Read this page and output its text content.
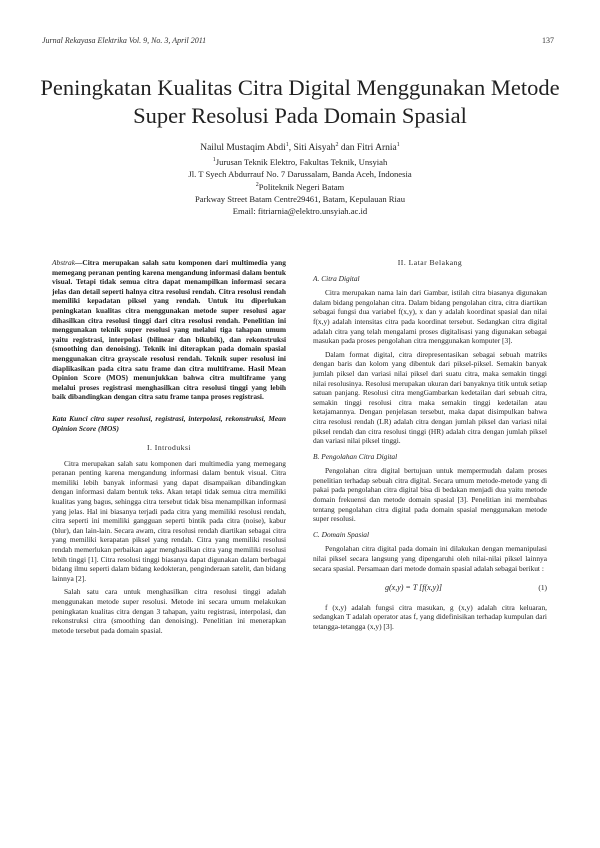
Jurnal Rekayasa Elektrika Vol. 9, No. 3, April 2011	137
Peningkatan Kualitas Citra Digital Menggunakan Metode Super Resolusi Pada Domain Spasial
Nailul Mustaqim Abdi$^1$, Siti Aisyah$^2$ dan Fitri Arnia$^1$
$^1$Jurusan Teknik Elektro, Fakultas Teknik, Unsyiah
Jl. T Syech Abdurrauf No. 7 Darussalam, Banda Aceh, Indonesia
$^2$Politeknik Negeri Batam
Parkway Street Batam Centre29461, Batam, Kepulauan Riau
Email: fitriarnia@elektro.unsyiah.ac.id
Abstrak—Citra merupakan salah satu komponen dari multimedia yang memegang peranan penting karena mengandung informasi dalam bentuk visual. Tetapi tidak semua citra dapat menampilkan informasi secara jelas dan detail seperti halnya citra resolusi rendah. Citra resolusi rendah memiliki kepadatan piksel yang rendah. Untuk itu diperlukan peningkatan kualitas citra menggunakan metode super resolusi agar dihasilkan citra resolusi tinggi dari citra resolusi rendah. Penelitian ini menggunakan teknik super resolusi yang melalui tiga tahapan umum yaitu registrasi, interpolasi (bilinear dan bikubik), dan rekonstruksi (smoothing dan denoising). Teknik ini diterapkan pada domain spasial menggunakan citra grayscale resolusi rendah. Teknik super resolusi ini diaplikasikan pada citra satu frame dan citra multiframe. Hasil Mean Opinion Score (MOS) menunjukkan bahwa citra multiframe yang melalui proses registrasi menghasilkan citra resolusi tinggi yang lebih baik dibandingkan dengan citra satu frame tanpa proses registrasi.
Kata Kunci citra super resolusi, registrasi, interpolasi, rekonstruksi, Mean Opinion Score (MOS)
I. Introduksi

Citra merupakan salah satu komponen dari multimedia yang memegang peranan penting karena mengandung informasi dalam bentuk visual. Citra memiliki lebih banyak informasi yang dapat disampaikan dibandingkan dengan informasi dalam bentuk teks. Akan tetapi tidak semua citra memiliki kualitas yang bagus, sehingga citra tersebut tidak bisa menampilkan informasi yang jelas. Hal ini biasanya terjadi pada citra yang memiliki resolusi rendah, citra seperti ini memiliki gangguan seperti bintik pada citra (noise), kabur (blur), dan lain-lain. Secara awam, citra resolusi rendah diartikan sebagai citra yang memiliki kerapatan piksel yang rendah. Citra yang memiliki resolusi rendah memerlukan perbaikan agar menghasilkan citra yang memiliki resolusi lebih tinggi [1]. Citra resolusi tinggi biasanya dapat digunakan dalam berbagai bidang ilmu seperti dalam bidang kedokteran, penginderaan satelit, dan bidang lainnya [2].

Salah satu cara untuk menghasilkan citra resolusi tinggi adalah menggunakan metode super resolusi. Metode ini secara umum melakukan peningkatan kualitas citra dengan 3 tahapan, yaitu registrasi, interpolasi, dan rekonstruksi citra (smoothing dan denoising). Penelitian ini menerapkan metode tersebut pada domain spasial.

II. Latar Belakang
A. Citra Digital

Citra merupakan nama lain dari Gambar, istilah citra biasanya digunakan dalam bidang pengolahan citra. Dalam bidang pengolahan citra, citra diartikan sebagai fungsi dua variabel f(x,y), x dan y adalah koordinat spasial dan nilai f(x,y) adalah intensitas citra pada koordinat tersebut. Sedangkan citra digital adalah citra yang telah mengalami proses digitalisasi yang digunakan sebagai masukan pada proses pengolahan citra menggunakan komputer [3].

Dalam format digital, citra direpresentasikan sebagai sebuah matriks dengan baris dan kolom yang dibentuk dari piksel-piksel. Semakin banyak jumlah piksel dan variasi nilai piksel dari suatu citra, maka semakin tinggi nilai resolusinya. Resolusi merupakan ukuran dari banyaknya titik untuk setiap satuan panjang. Resolusi citra mengGambarkan kedetailan dari sebuah citra, semakin tinggi resolusi citra maka semakin tinggi kedetailan atau ketajamannya. Dengan penjelasan tersebut, maka dapat disimpulkan bahwa citra resolusi rendah (LR) adalah citra dengan jumlah piksel dan variasi nilai piksel rendah dan citra resolusi tinggi (HR) adalah citra dengan jumlah piksel dan variasi nilai piksel tinggi.

B. Pengolahan Citra Digital

Pengolahan citra digital bertujuan untuk mempermudah dalam proses penelitian terhadap sebuah citra digital. Secara umum metode-metode yang di pakai pada pengolahan citra digital bisa di bedakan menjadi dua yaitu metode domain frekuensi dan metode domain spasial [3]. Penelitian ini membahas tentang pengolahan citra digital pada domain spasial menggunakan metode super resolusi.

C. Domain Spasial

Pengolahan citra digital pada domain ini dilakukan dengan memanipulasi nilai piksel secara langsung yang dipengaruhi oleh nilai-nilai piksel lainnya secara spasial. Persamaan dari metode domain spasial adalah sebagai berikut :

g(x,y) = T [f(x,y)]	(1)

f (x,y) adalah fungsi citra masukan, g (x,y) adalah citra keluaran, sedangkan T adalah operator atas f, yang didefinisikan terhadap kumpulan dari tetangga-tetangga (x,y) [3].
